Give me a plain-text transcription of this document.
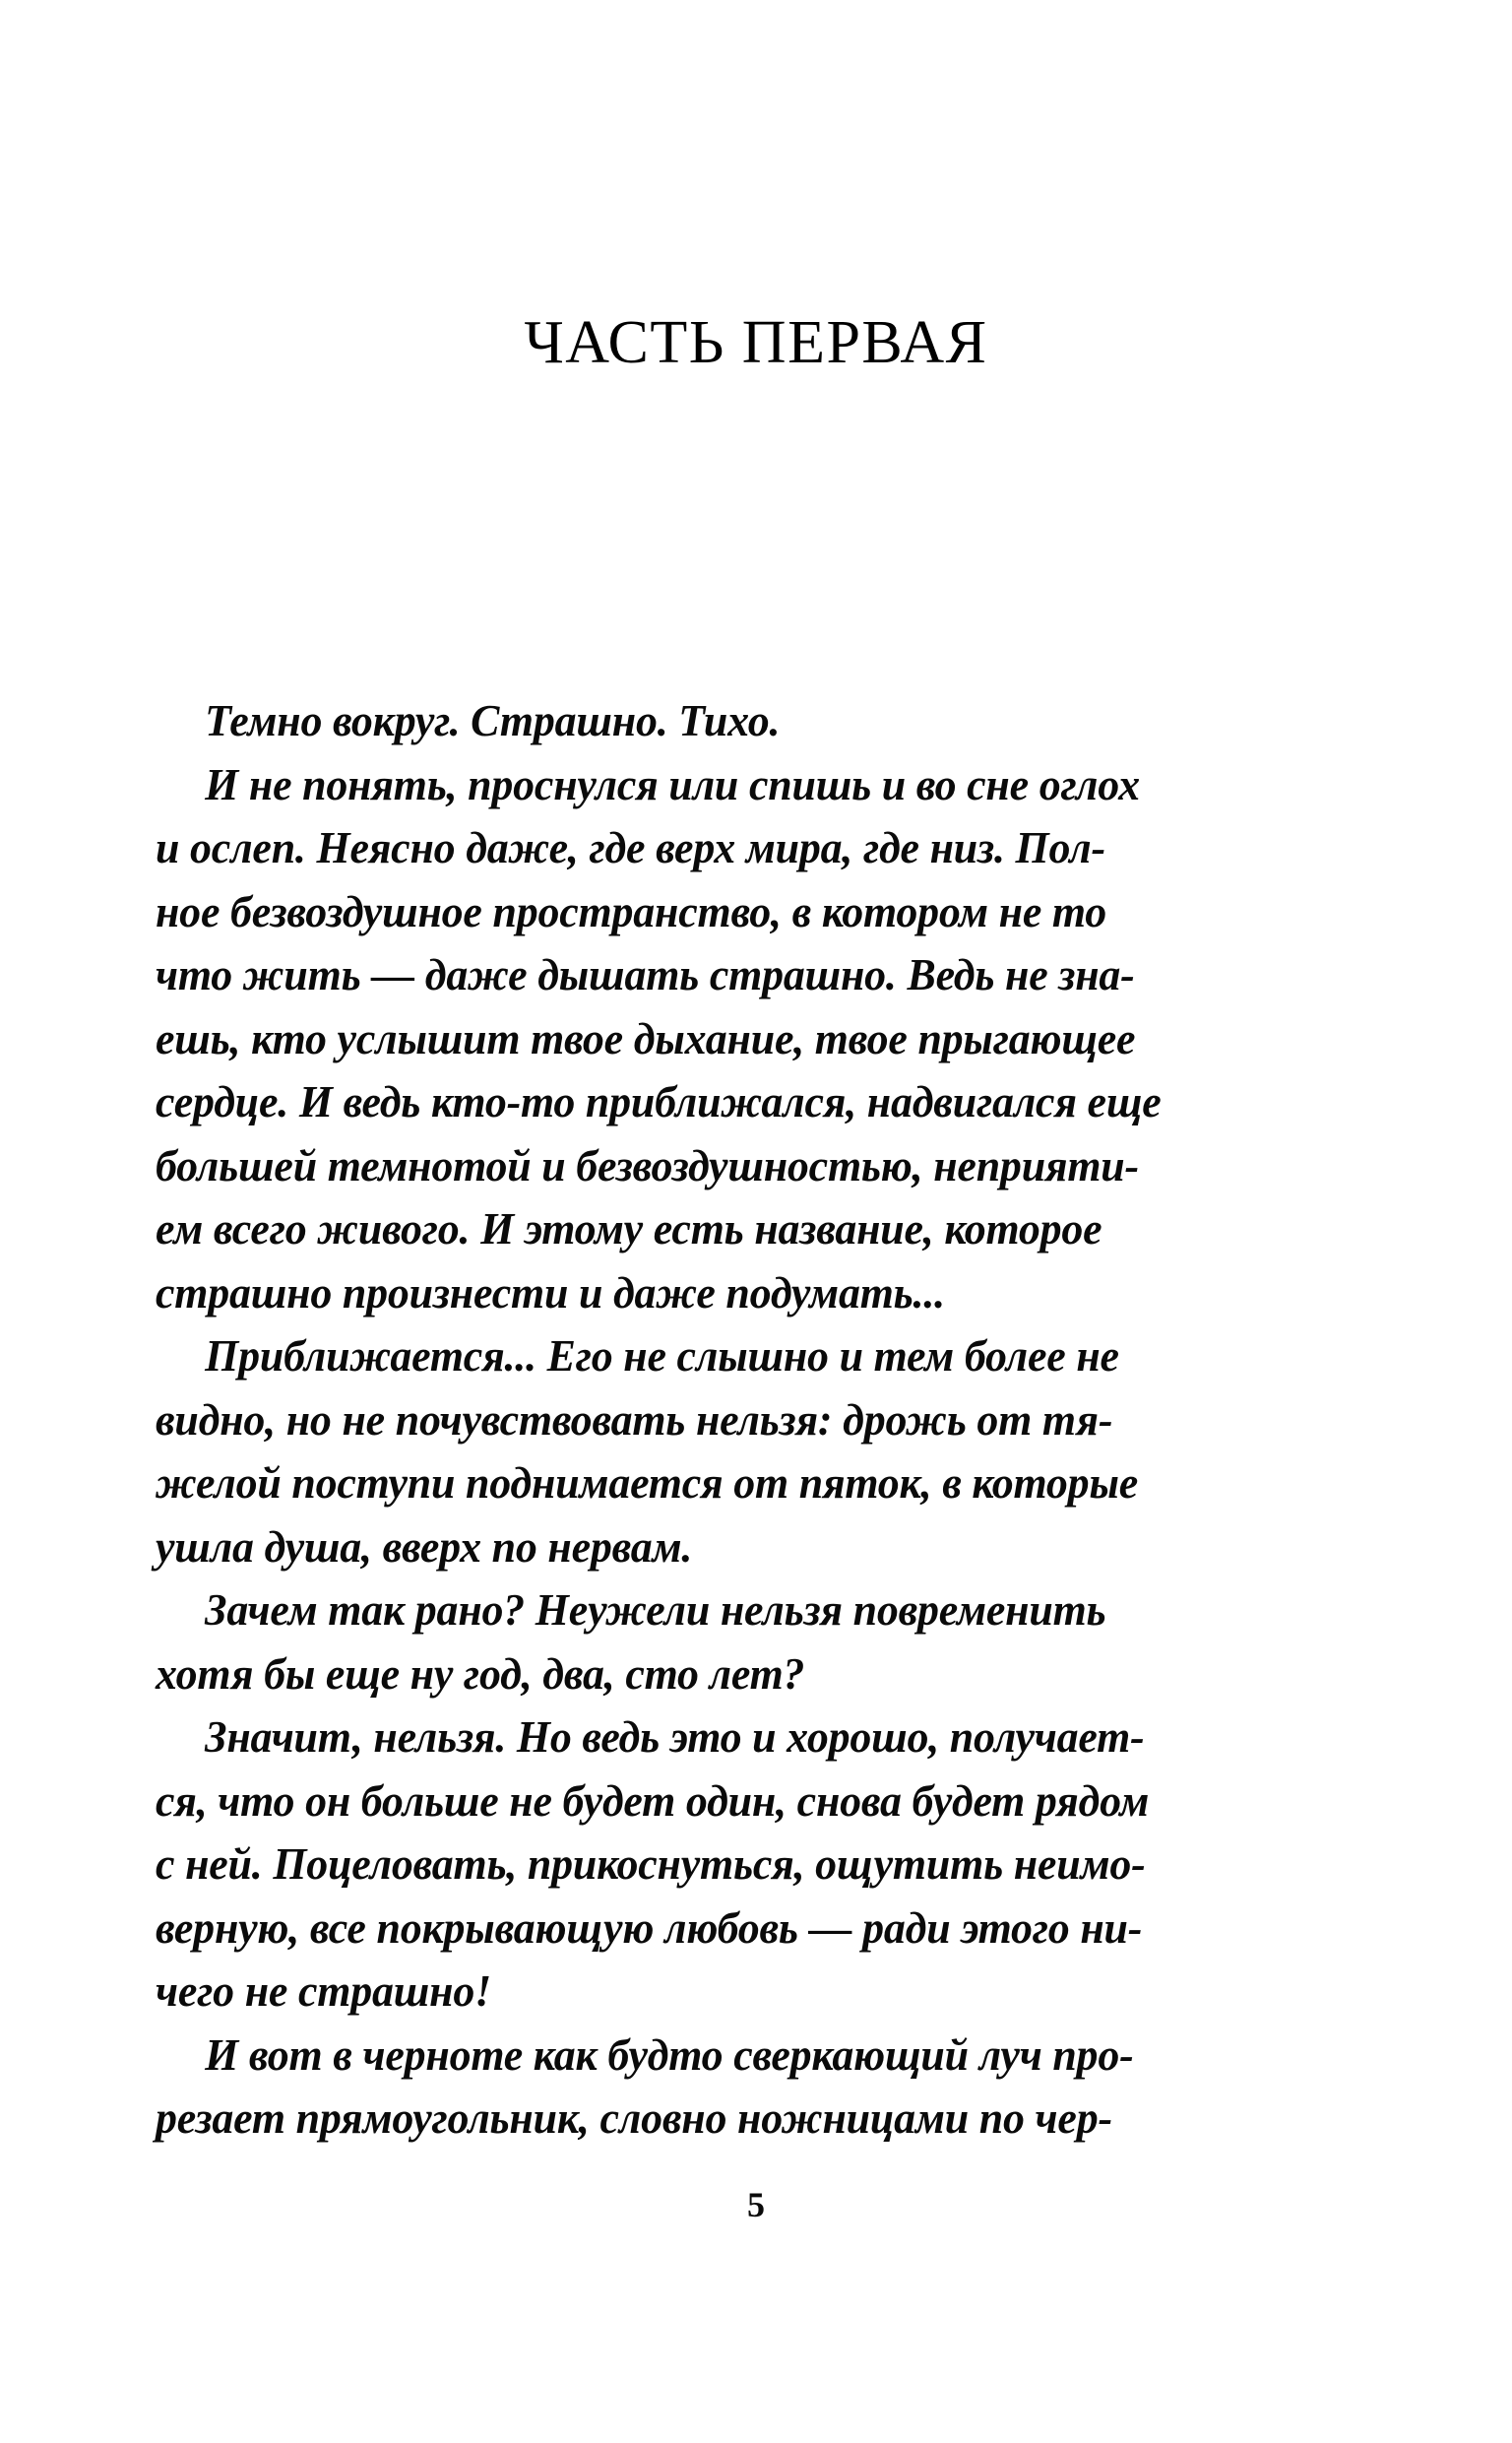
ЧАСТЬ ПЕРВАЯ
Темно вокруг. Страшно. Тихо.
И не понять, проснулся или спишь и во сне оглох
и ослеп. Неясно даже, где верх мира, где низ. Пол-
ное безвоздушное пространство, в котором не то
что жить — даже дышать страшно. Ведь не зна-
ешь, кто услышит твое дыхание, твое прыгающее
сердце. И ведь кто-то приближался, надвигался еще
большей темнотой и безвоздушностью, неприяти-
ем всего живого. И этому есть название, которое
страшно произнести и даже подумать...
Приближается... Его не слышно и тем более не
видно, но не почувствовать нельзя: дрожь от тя-
желой поступи поднимается от пяток, в которые
ушла душа, вверх по нервам.
Зачем так рано? Неужели нельзя повременить
хотя бы еще ну год, два, сто лет?
Значит, нельзя. Но ведь это и хорошо, получает-
ся, что он больше не будет один, снова будет рядом
с ней. Поцеловать, прикоснуться, ощутить неимо-
верную, все покрывающую любовь — ради этого ни-
чего не страшно!
И вот в черноте как будто сверкающий луч про-
резает прямоугольник, словно ножницами по чер-
5
